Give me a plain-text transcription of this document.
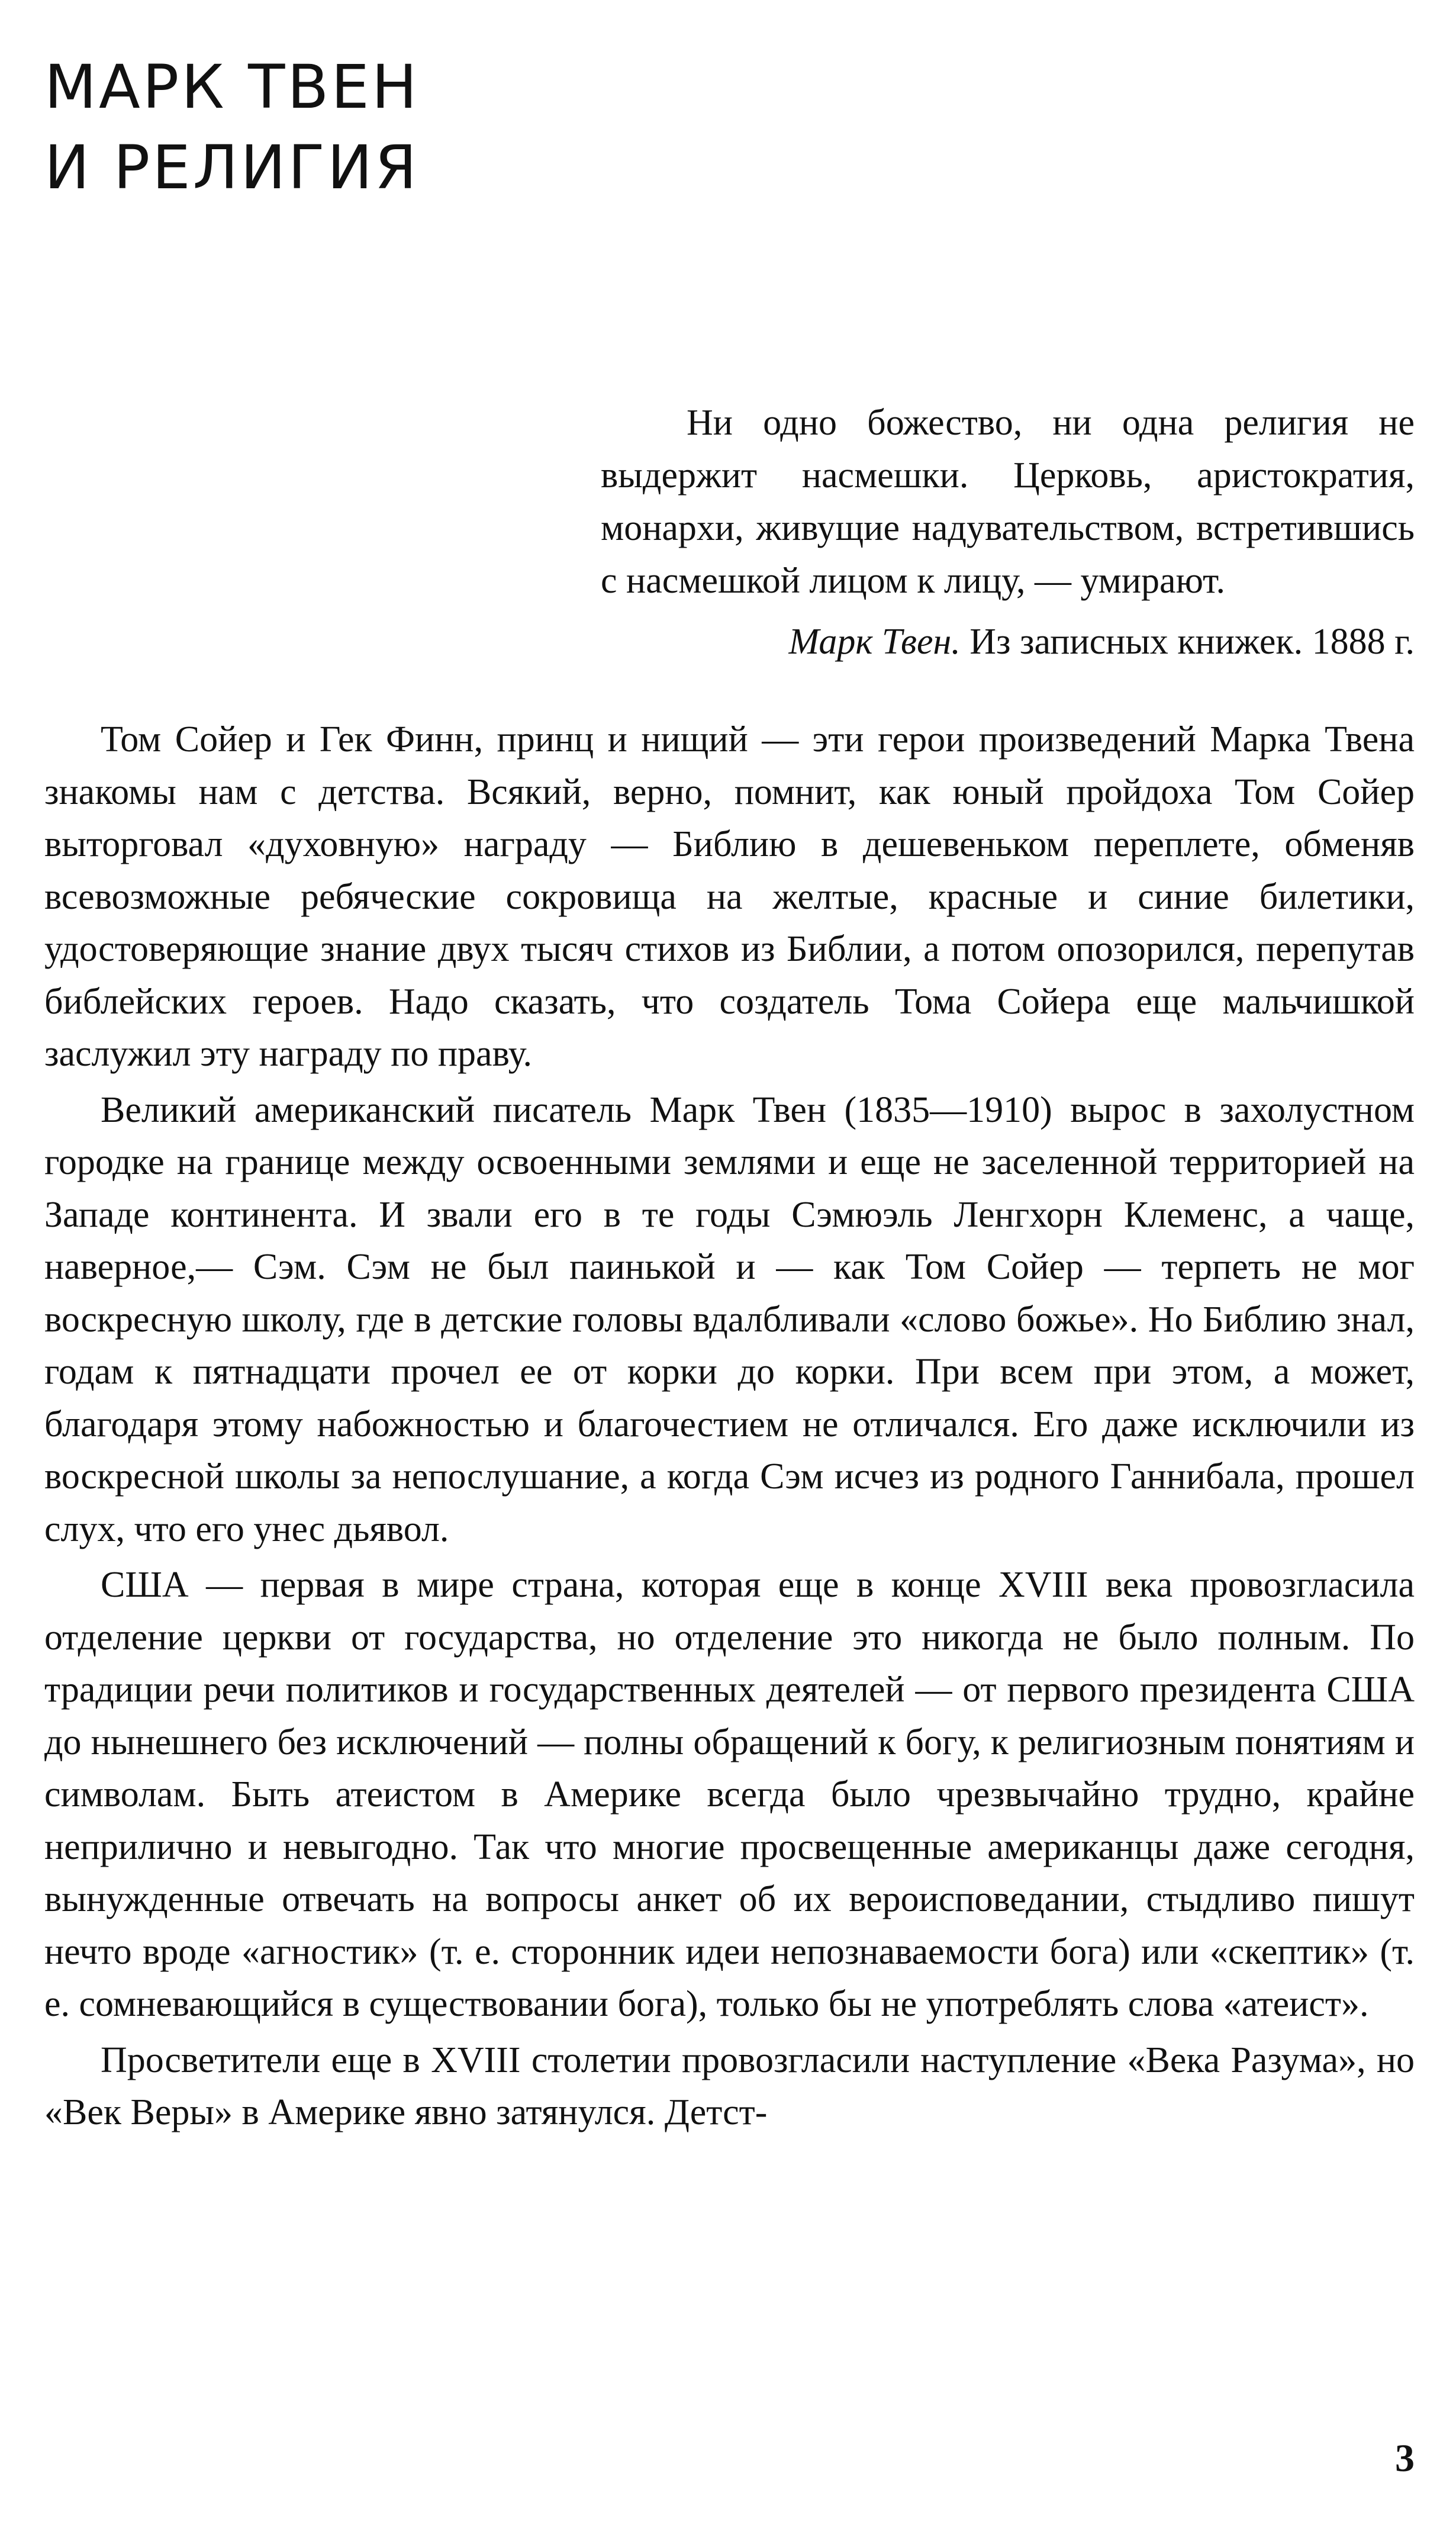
МАРК ТВЕН
И РЕЛИГИЯ

Ни одно божество, ни одна религия не выдержит насмешки. Церковь, аристократия, монархи, живущие надувательством, встретившись с насмешкой лицом к лицу, — умирают.

Марк Твен. Из записных книжек. 1888 г.

Том Сойер и Гек Финн, принц и нищий — эти герои произведений Марка Твена знакомы нам с детства. Всякий, верно, помнит, как юный пройдоха Том Сойер выторговал «духовную» награду — Библию в дешевеньком переплете, обменяв всевозможные ребяческие сокровища на желтые, красные и синие билетики, удостоверяющие знание двух тысяч стихов из Библии, а потом опозорился, перепутав библейских героев. Надо сказать, что создатель Тома Сойера еще мальчишкой заслужил эту награду по праву.

Великий американский писатель Марк Твен (1835—1910) вырос в захолустном городке на границе между освоенными землями и еще не заселенной территорией на Западе континента. И звали его в те годы Сэмюэль Ленгхорн Клеменс, а чаще, наверное,— Сэм. Сэм не был паинькой и — как Том Сойер — терпеть не мог воскресную школу, где в детские головы вдалбливали «слово божье». Но Библию знал, годам к пятнадцати прочел ее от корки до корки. При всем при этом, а может, благодаря этому набожностью и благочестием не отличался. Его даже исключили из воскресной школы за непослушание, а когда Сэм исчез из родного Ганнибала, прошел слух, что его унес дьявол.

США — первая в мире страна, которая еще в конце XVIII века провозгласила отделение церкви от государства, но отделение это никогда не было полным. По традиции речи политиков и государственных деятелей — от первого президента США до нынешнего без исключений — полны обращений к богу, к религиозным понятиям и символам. Быть атеистом в Америке всегда было чрезвычайно трудно, крайне неприлично и невыгодно. Так что многие просвещенные американцы даже сегодня, вынужденные отвечать на вопросы анкет об их вероисповедании, стыдливо пишут нечто вроде «агностик» (т. е. сторонник идеи непознаваемости бога) или «скептик» (т. е. сомневающийся в существовании бога), только бы не употреблять слова «атеист».

Просветители еще в XVIII столетии провозгласили наступление «Века Разума», но «Век Веры» в Америке явно затянулся. Детст-

3
